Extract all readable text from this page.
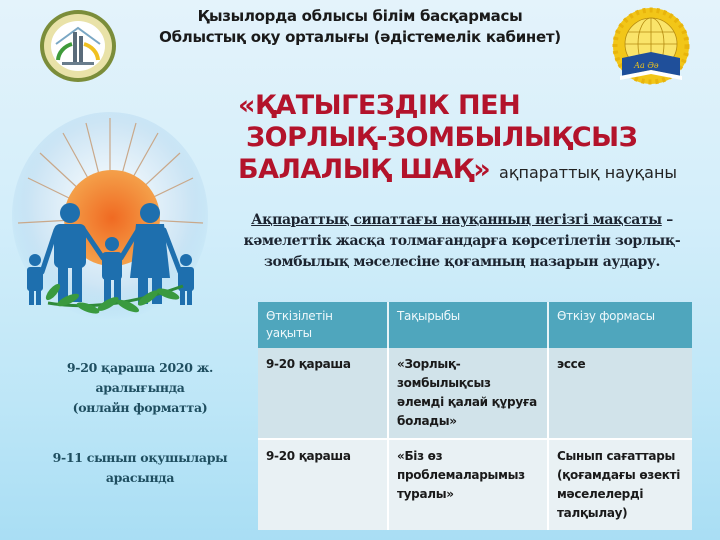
Қызылорда облысы білім басқармасы
Облыстық оқу орталығы (әдістемелік кабинет)
Аа Әә
«ҚАТЫГЕЗДІК ПЕН
ЗОРЛЫҚ-ЗОМБЫЛЫҚСЫЗ
БАЛАЛЫҚ ШАҚ» ақпараттық науқаны
Ақпараттық сипаттағы науқанның негізгі мақсаты –
кәмелеттік жасқа толмағандарға көрсетілетін зорлық-
зомбылық мәселесіне қоғамның назарын аудару.
9-20 қараша 2020 ж.
аралығында
(онлайн форматта)
9-11 сынып оқушылары
арасында
Өткізілетін уақыты	Тақырыбы	Өткізу формасы
9-20 қараша	«Зорлық-зомбылықсыз әлемді қалай құруға болады»	эссе
9-20 қараша	«Біз өз проблемаларымыз туралы»	Сынып сағаттары (қоғамдағы өзекті мәселелерді талқылау)
